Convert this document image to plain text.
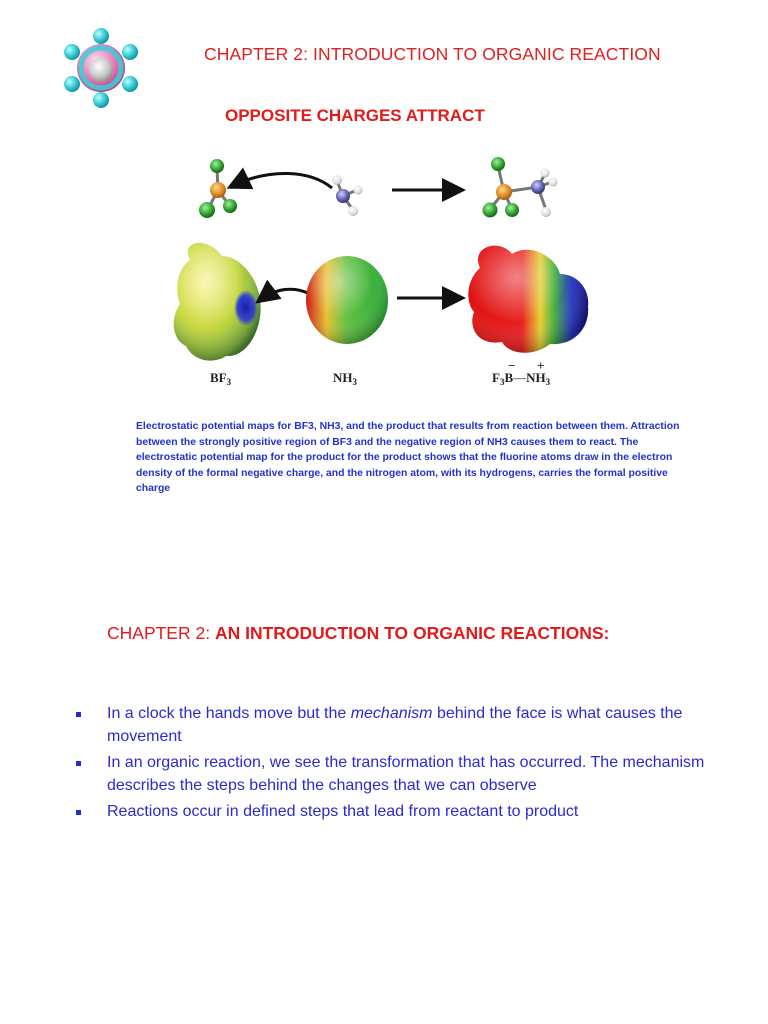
CHAPTER 2: INTRODUCTION TO ORGANIC REACTION
OPPOSITE CHARGES ATTRACT
$BF_3$	$NH_3$	$F_3B—NH_3$
− +
Electrostatic potential maps for BF3, NH3, and the product that results from reaction between them. Attraction between the strongly positive region of BF3 and the negative region of NH3 causes them to react. The electrostatic potential map for the product for the product shows that the fluorine atoms draw in the electron density of the formal negative charge, and the nitrogen atom, with its hydrogens, carries the formal positive charge
CHAPTER 2: AN INTRODUCTION TO ORGANIC REACTIONS:
In a clock the hands move but the mechanism behind the face is what causes the movement
In an organic reaction, we see the transformation that has occurred. The mechanism describes the steps behind the changes that we can observe
Reactions occur in defined steps that lead from reactant to product
